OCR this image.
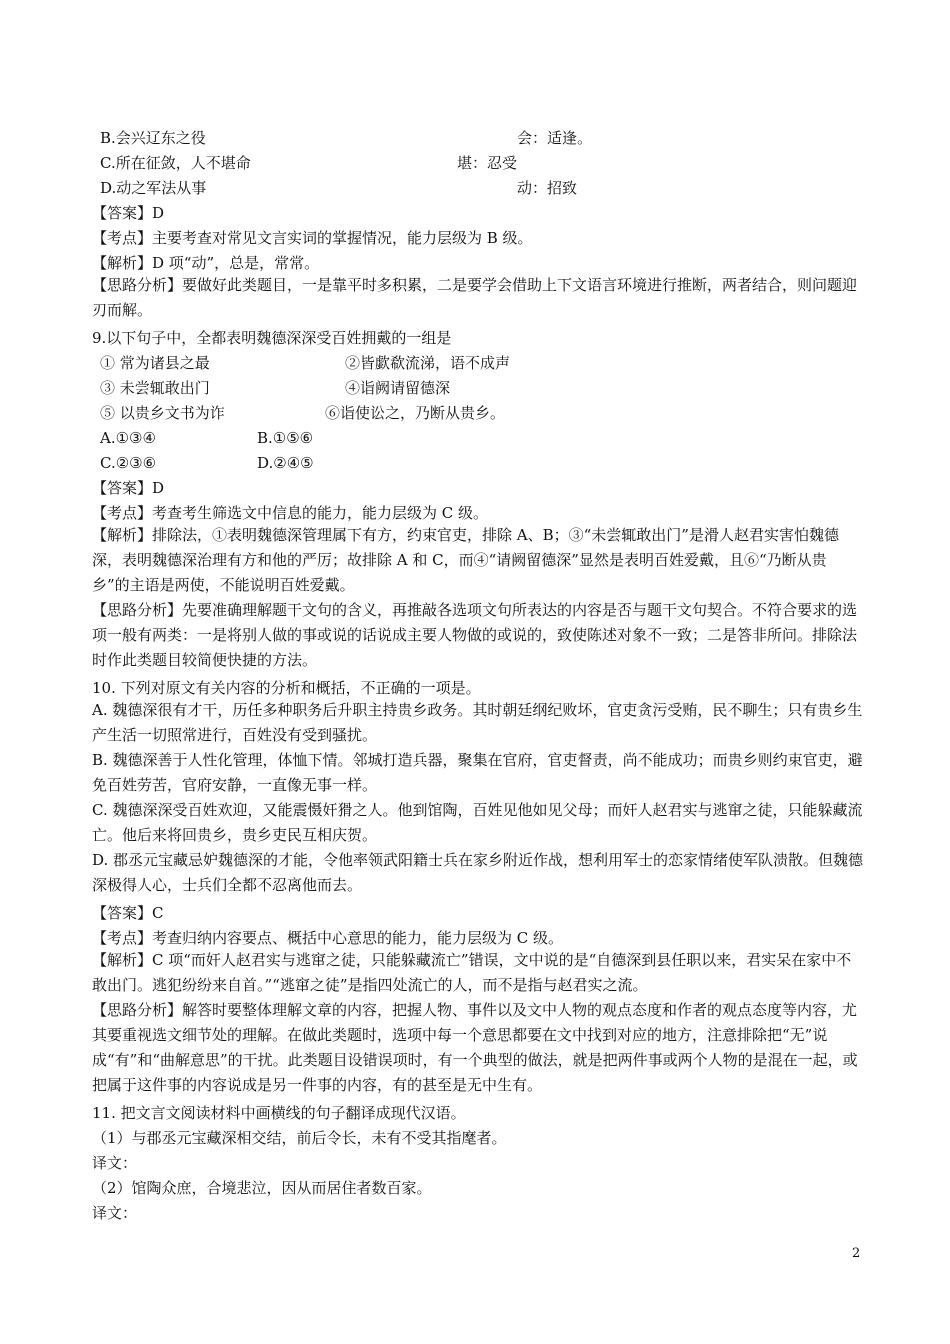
B.会兴辽东之役	会：适逢。
C.所在征敛，人不堪命	堪：忍受
D.动之军法从事	动：招致
【答案】D
【考点】主要考查对常见文言实词的掌握情况，能力层级为 B 级。
【解析】D 项“动”，总是，常常。
【思路分析】要做好此类题目，一是靠平时多积累，二是要学会借助上下文语言环境进行推断，两者结合，则问题迎刃而解。
9.以下句子中，全都表明魏德深深受百姓拥戴的一组是
① 常为诸县之最	②皆歔欷流涕，语不成声
③ 未尝辄敢出门	④诣阙请留德深
⑤ 以贵乡文书为诈	⑥诣使讼之，乃断从贵乡。
A.①③④	B.①⑤⑥
C.②③⑥	D.②④⑤
【答案】D
【考点】考查考生筛选文中信息的能力，能力层级为 C 级。
【解析】排除法，①表明魏德深管理属下有方，约束官吏，排除 A、B；③“未尝辄敢出门”是滑人赵君实害怕魏德深，表明魏德深治理有方和他的严厉；故排除 A 和 C，而④“请阙留德深”显然是表明百姓爱戴，且⑥“乃断从贵乡”的主语是两使，不能说明百姓爱戴。
【思路分析】先要准确理解题干文句的含义，再推敲各选项文句所表达的内容是否与题干文句契合。不符合要求的选项一般有两类：一是将别人做的事或说的话说成主要人物做的或说的，致使陈述对象不一致；二是答非所问。排除法时作此类题目较简便快捷的方法。
10. 下列对原文有关内容的分析和概括，不正确的一项是。
A. 魏德深很有才干，历任多种职务后升职主持贵乡政务。其时朝廷纲纪败坏，官吏贪污受贿，民不聊生；只有贵乡生产生活一切照常进行，百姓没有受到骚扰。
B. 魏德深善于人性化管理，体恤下情。邻城打造兵器，聚集在官府，官吏督责，尚不能成功；而贵乡则约束官吏，避免百姓劳苦，官府安静，一直像无事一样。
C. 魏德深深受百姓欢迎，又能震慑奸猾之人。他到馆陶，百姓见他如见父母；而奸人赵君实与逃窜之徒，只能躲藏流亡。他后来将回贵乡，贵乡吏民互相庆贺。
D. 郡丞元宝藏忌妒魏德深的才能，令他率领武阳籍士兵在家乡附近作战，想利用军士的恋家情绪使军队溃散。但魏德深极得人心，士兵们全都不忍离他而去。
【答案】C
【考点】考查归纳内容要点、概括中心意思的能力，能力层级为 C 级。
【解析】C 项“而奸人赵君实与逃窜之徒，只能躲藏流亡”错误，文中说的是“自德深到县任职以来，君实呆在家中不敢出门。逃犯纷纷来自首。”“逃窜之徒”是指四处流亡的人，而不是指与赵君实之流。
【思路分析】解答时要整体理解文章的内容，把握人物、事件以及文中人物的观点态度和作者的观点态度等内容，尤其要重视选文细节处的理解。在做此类题时，选项中每一个意思都要在文中找到对应的地方，注意排除把“无”说成“有”和“曲解意思”的干扰。此类题目设错误项时，有一个典型的做法，就是把两件事或两个人物的是混在一起，或把属于这件事的内容说成是另一件事的内容，有的甚至是无中生有。
11. 把文言文阅读材料中画横线的句子翻译成现代汉语。
（1）与郡丞元宝藏深相交结，前后令长，未有不受其指麾者。
译文：
（2）馆陶众庶，合境悲泣，因从而居住者数百家。
译文：
2
